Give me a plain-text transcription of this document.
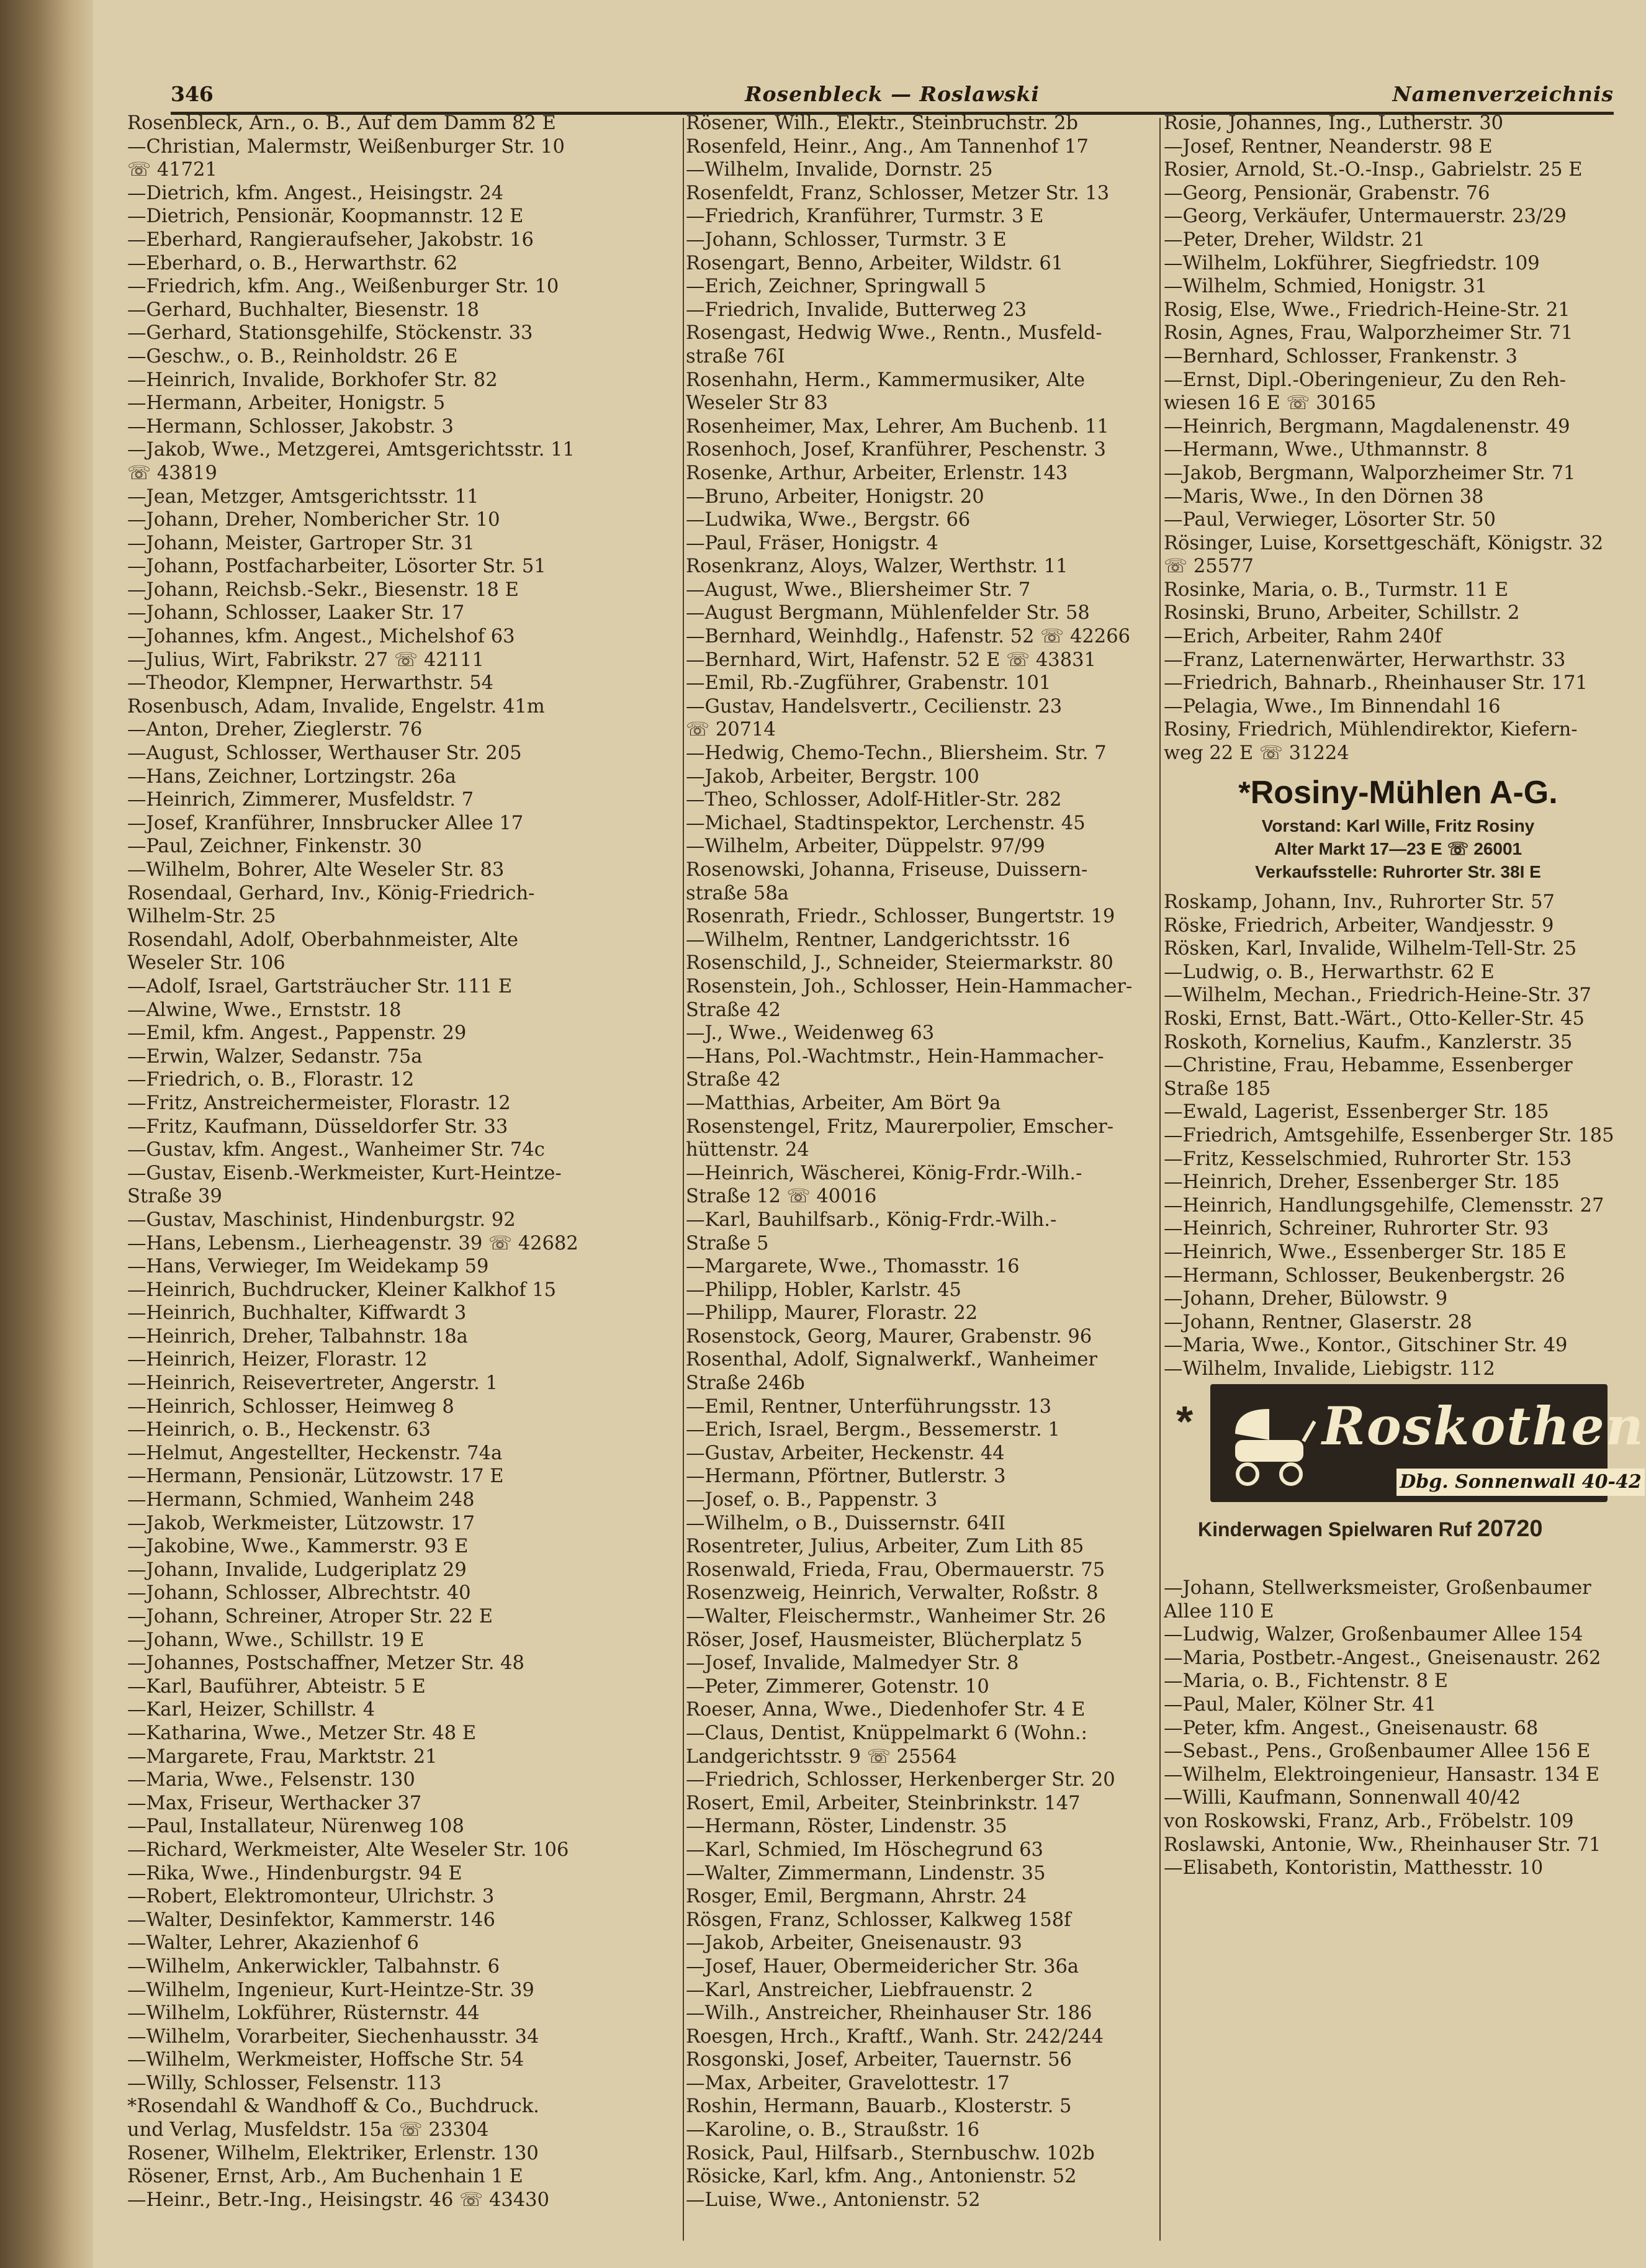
346	Rosenbleck — Roslawski	Namenverzeichnis
Rosenbleck, Arn., o. B., Auf dem Damm 82 E
—Christian, Malermstr, Weißenburger Str. 10
☏ 41721
—Dietrich, kfm. Angest., Heisingstr. 24
—Dietrich, Pensionär, Koopmannstr. 12 E
—Eberhard, Rangieraufseher, Jakobstr. 16
—Eberhard, o. B., Herwarthstr. 62
—Friedrich, kfm. Ang., Weißenburger Str. 10
—Gerhard, Buchhalter, Biesenstr. 18
—Gerhard, Stationsgehilfe, Stöckenstr. 33
—Geschw., o. B., Reinholdstr. 26 E
—Heinrich, Invalide, Borkhofer Str. 82
—Hermann, Arbeiter, Honigstr. 5
—Hermann, Schlosser, Jakobstr. 3
—Jakob, Wwe., Metzgerei, Amtsgerichtsstr. 11
☏ 43819
—Jean, Metzger, Amtsgerichtsstr. 11
—Johann, Dreher, Nombericher Str. 10
—Johann, Meister, Gartroper Str. 31
—Johann, Postfacharbeiter, Lösorter Str. 51
—Johann, Reichsb.-Sekr., Biesenstr. 18 E
—Johann, Schlosser, Laaker Str. 17
—Johannes, kfm. Angest., Michelshof 63
—Julius, Wirt, Fabrikstr. 27 ☏ 42111
—Theodor, Klempner, Herwarthstr. 54
Rosenbusch, Adam, Invalide, Engelstr. 41m
—Anton, Dreher, Zieglerstr. 76
—August, Schlosser, Werthauser Str. 205
—Hans, Zeichner, Lortzingstr. 26a
—Heinrich, Zimmerer, Musfeldstr. 7
—Josef, Kranführer, Innsbrucker Allee 17
—Paul, Zeichner, Finkenstr. 30
—Wilhelm, Bohrer, Alte Weseler Str. 83
Rosendaal, Gerhard, Inv., König-Friedrich-
Wilhelm-Str. 25
Rosendahl, Adolf, Oberbahnmeister, Alte
Weseler Str. 106
—Adolf, Israel, Gartsträucher Str. 111 E
—Alwine, Wwe., Ernststr. 18
—Emil, kfm. Angest., Pappenstr. 29
—Erwin, Walzer, Sedanstr. 75a
—Friedrich, o. B., Florastr. 12
—Fritz, Anstreichermeister, Florastr. 12
—Fritz, Kaufmann, Düsseldorfer Str. 33
—Gustav, kfm. Angest., Wanheimer Str. 74c
—Gustav, Eisenb.-Werkmeister, Kurt-Heintze-
Straße 39
—Gustav, Maschinist, Hindenburgstr. 92
—Hans, Lebensm., Lierheagenstr. 39 ☏ 42682
—Hans, Verwieger, Im Weidekamp 59
—Heinrich, Buchdrucker, Kleiner Kalkhof 15
—Heinrich, Buchhalter, Kiffwardt 3
—Heinrich, Dreher, Talbahnstr. 18a
—Heinrich, Heizer, Florastr. 12
—Heinrich, Reisevertreter, Angerstr. 1
—Heinrich, Schlosser, Heimweg 8
—Heinrich, o. B., Heckenstr. 63
—Helmut, Angestellter, Heckenstr. 74a
—Hermann, Pensionär, Lützowstr. 17 E
—Hermann, Schmied, Wanheim 248
—Jakob, Werkmeister, Lützowstr. 17
—Jakobine, Wwe., Kammerstr. 93 E
—Johann, Invalide, Ludgeriplatz 29
—Johann, Schlosser, Albrechtstr. 40
—Johann, Schreiner, Atroper Str. 22 E
—Johann, Wwe., Schillstr. 19 E
—Johannes, Postschaffner, Metzer Str. 48
—Karl, Bauführer, Abteistr. 5 E
—Karl, Heizer, Schillstr. 4
—Katharina, Wwe., Metzer Str. 48 E
—Margarete, Frau, Marktstr. 21
—Maria, Wwe., Felsenstr. 130
—Max, Friseur, Werthacker 37
—Paul, Installateur, Nürenweg 108
—Richard, Werkmeister, Alte Weseler Str. 106
—Rika, Wwe., Hindenburgstr. 94 E
—Robert, Elektromonteur, Ulrichstr. 3
—Walter, Desinfektor, Kammerstr. 146
—Walter, Lehrer, Akazienhof 6
—Wilhelm, Ankerwickler, Talbahnstr. 6
—Wilhelm, Ingenieur, Kurt-Heintze-Str. 39
—Wilhelm, Lokführer, Rüsternstr. 44
—Wilhelm, Vorarbeiter, Siechenhausstr. 34
—Wilhelm, Werkmeister, Hoffsche Str. 54
—Willy, Schlosser, Felsenstr. 113
*Rosendahl & Wandhoff & Co., Buchdruck.
und Verlag, Musfeldstr. 15a ☏ 23304
Rosener, Wilhelm, Elektriker, Erlenstr. 130
Rösener, Ernst, Arb., Am Buchenhain 1 E
—Heinr., Betr.-Ing., Heisingstr. 46 ☏ 43430
Rösener, Wilh., Elektr., Steinbruchstr. 2b
Rosenfeld, Heinr., Ang., Am Tannenhof 17
—Wilhelm, Invalide, Dornstr. 25
Rosenfeldt, Franz, Schlosser, Metzer Str. 13
—Friedrich, Kranführer, Turmstr. 3 E
—Johann, Schlosser, Turmstr. 3 E
Rosengart, Benno, Arbeiter, Wildstr. 61
—Erich, Zeichner, Springwall 5
—Friedrich, Invalide, Butterweg 23
Rosengast, Hedwig Wwe., Rentn., Musfeld-
straße 76I
Rosenhahn, Herm., Kammermusiker, Alte
Weseler Str 83
Rosenheimer, Max, Lehrer, Am Buchenb. 11
Rosenhoch, Josef, Kranführer, Peschenstr. 3
Rosenke, Arthur, Arbeiter, Erlenstr. 143
—Bruno, Arbeiter, Honigstr. 20
—Ludwika, Wwe., Bergstr. 66
—Paul, Fräser, Honigstr. 4
Rosenkranz, Aloys, Walzer, Werthstr. 11
—August, Wwe., Bliersheimer Str. 7
—August Bergmann, Mühlenfelder Str. 58
—Bernhard, Weinhdlg., Hafenstr. 52 ☏ 42266
—Bernhard, Wirt, Hafenstr. 52 E ☏ 43831
—Emil, Rb.-Zugführer, Grabenstr. 101
—Gustav, Handelsvertr., Cecilienstr. 23
☏ 20714
—Hedwig, Chemo-Techn., Bliersheim. Str. 7
—Jakob, Arbeiter, Bergstr. 100
—Theo, Schlosser, Adolf-Hitler-Str. 282
—Michael, Stadtinspektor, Lerchenstr. 45
—Wilhelm, Arbeiter, Düppelstr. 97/99
Rosenowski, Johanna, Friseuse, Duissern-
straße 58a
Rosenrath, Friedr., Schlosser, Bungertstr. 19
—Wilhelm, Rentner, Landgerichtsstr. 16
Rosenschild, J., Schneider, Steiermarkstr. 80
Rosenstein, Joh., Schlosser, Hein-Hammacher-
Straße 42
—J., Wwe., Weidenweg 63
—Hans, Pol.-Wachtmstr., Hein-Hammacher-
Straße 42
—Matthias, Arbeiter, Am Bört 9a
Rosenstengel, Fritz, Maurerpolier, Emscher-
hüttenstr. 24
—Heinrich, Wäscherei, König-Frdr.-Wilh.-
Straße 12 ☏ 40016
—Karl, Bauhilfsarb., König-Frdr.-Wilh.-
Straße 5
—Margarete, Wwe., Thomasstr. 16
—Philipp, Hobler, Karlstr. 45
—Philipp, Maurer, Florastr. 22
Rosenstock, Georg, Maurer, Grabenstr. 96
Rosenthal, Adolf, Signalwerkf., Wanheimer
Straße 246b
—Emil, Rentner, Unterführungsstr. 13
—Erich, Israel, Bergm., Bessemerstr. 1
—Gustav, Arbeiter, Heckenstr. 44
—Hermann, Pförtner, Butlerstr. 3
—Josef, o. B., Pappenstr. 3
—Wilhelm, o B., Duissernstr. 64II
Rosentreter, Julius, Arbeiter, Zum Lith 85
Rosenwald, Frieda, Frau, Obermauerstr. 75
Rosenzweig, Heinrich, Verwalter, Roßstr. 8
—Walter, Fleischermstr., Wanheimer Str. 26
Röser, Josef, Hausmeister, Blücherplatz 5
—Josef, Invalide, Malmedyer Str. 8
—Peter, Zimmerer, Gotenstr. 10
Roeser, Anna, Wwe., Diedenhofer Str. 4 E
—Claus, Dentist, Knüppelmarkt 6 (Wohn.:
Landgerichtsstr. 9 ☏ 25564
—Friedrich, Schlosser, Herkenberger Str. 20
Rosert, Emil, Arbeiter, Steinbrinkstr. 147
—Hermann, Röster, Lindenstr. 35
—Karl, Schmied, Im Höschegrund 63
—Walter, Zimmermann, Lindenstr. 35
Rosger, Emil, Bergmann, Ahrstr. 24
Rösgen, Franz, Schlosser, Kalkweg 158f
—Jakob, Arbeiter, Gneisenaustr. 93
—Josef, Hauer, Obermeidericher Str. 36a
—Karl, Anstreicher, Liebfrauenstr. 2
—Wilh., Anstreicher, Rheinhauser Str. 186
Roesgen, Hrch., Kraftf., Wanh. Str. 242/244
Rosgonski, Josef, Arbeiter, Tauernstr. 56
—Max, Arbeiter, Gravelottestr. 17
Roshin, Hermann, Bauarb., Klosterstr. 5
—Karoline, o. B., Straußstr. 16
Rosick, Paul, Hilfsarb., Sternbuschw. 102b
Rösicke, Karl, kfm. Ang., Antonienstr. 52
—Luise, Wwe., Antonienstr. 52
Rosie, Johannes, Ing., Lutherstr. 30
—Josef, Rentner, Neanderstr. 98 E
Rosier, Arnold, St.-O.-Insp., Gabrielstr. 25 E
—Georg, Pensionär, Grabenstr. 76
—Georg, Verkäufer, Untermauerstr. 23/29
—Peter, Dreher, Wildstr. 21
—Wilhelm, Lokführer, Siegfriedstr. 109
—Wilhelm, Schmied, Honigstr. 31
Rosig, Else, Wwe., Friedrich-Heine-Str. 21
Rosin, Agnes, Frau, Walporzheimer Str. 71
—Bernhard, Schlosser, Frankenstr. 3
—Ernst, Dipl.-Oberingenieur, Zu den Reh-
wiesen 16 E ☏ 30165
—Heinrich, Bergmann, Magdalenenstr. 49
—Hermann, Wwe., Uthmannstr. 8
—Jakob, Bergmann, Walporzheimer Str. 71
—Maris, Wwe., In den Dörnen 38
—Paul, Verwieger, Lösorter Str. 50
Rösinger, Luise, Korsettgeschäft, Königstr. 32
☏ 25577
Rosinke, Maria, o. B., Turmstr. 11 E
Rosinski, Bruno, Arbeiter, Schillstr. 2
—Erich, Arbeiter, Rahm 240f
—Franz, Laternenwärter, Herwarthstr. 33
—Friedrich, Bahnarb., Rheinhauser Str. 171
—Pelagia, Wwe., Im Binnendahl 16
Rosiny, Friedrich, Mühlendirektor, Kiefern-
weg 22 E ☏ 31224
*Rosiny-Mühlen A-G.
Vorstand: Karl Wille, Fritz Rosiny
Alter Markt 17—23 E ☏ 26001
Verkaufsstelle: Ruhrorter Str. 38I E
Roskamp, Johann, Inv., Ruhrorter Str. 57
Röske, Friedrich, Arbeiter, Wandjesstr. 9
Rösken, Karl, Invalide, Wilhelm-Tell-Str. 25
—Ludwig, o. B., Herwarthstr. 62 E
—Wilhelm, Mechan., Friedrich-Heine-Str. 37
Roski, Ernst, Batt.-Wärt., Otto-Keller-Str. 45
Roskoth, Kornelius, Kaufm., Kanzlerstr. 35
—Christine, Frau, Hebamme, Essenberger
Straße 185
—Ewald, Lagerist, Essenberger Str. 185
—Friedrich, Amtsgehilfe, Essenberger Str. 185
—Fritz, Kesselschmied, Ruhrorter Str. 153
—Heinrich, Dreher, Essenberger Str. 185
—Heinrich, Handlungsgehilfe, Clemensstr. 27
—Heinrich, Schreiner, Ruhrorter Str. 93
—Heinrich, Wwe., Essenberger Str. 185 E
—Hermann, Schlosser, Beukenbergstr. 26
—Johann, Dreher, Bülowstr. 9
—Johann, Rentner, Glaserstr. 28
—Maria, Wwe., Kontor., Gitschiner Str. 49
—Wilhelm, Invalide, Liebigstr. 112
* Roskothen
Dbg. Sonnenwall 40-42
Kinderwagen Spielwaren Ruf 20720
—Johann, Stellwerksmeister, Großenbaumer
Allee 110 E
—Ludwig, Walzer, Großenbaumer Allee 154
—Maria, Postbetr.-Angest., Gneisenaustr. 262
—Maria, o. B., Fichtenstr. 8 E
—Paul, Maler, Kölner Str. 41
—Peter, kfm. Angest., Gneisenaustr. 68
—Sebast., Pens., Großenbaumer Allee 156 E
—Wilhelm, Elektroingenieur, Hansastr. 134 E
—Willi, Kaufmann, Sonnenwall 40/42
von Roskowski, Franz, Arb., Fröbelstr. 109
Roslawski, Antonie, Ww., Rheinhauser Str. 71
—Elisabeth, Kontoristin, Matthesstr. 10
